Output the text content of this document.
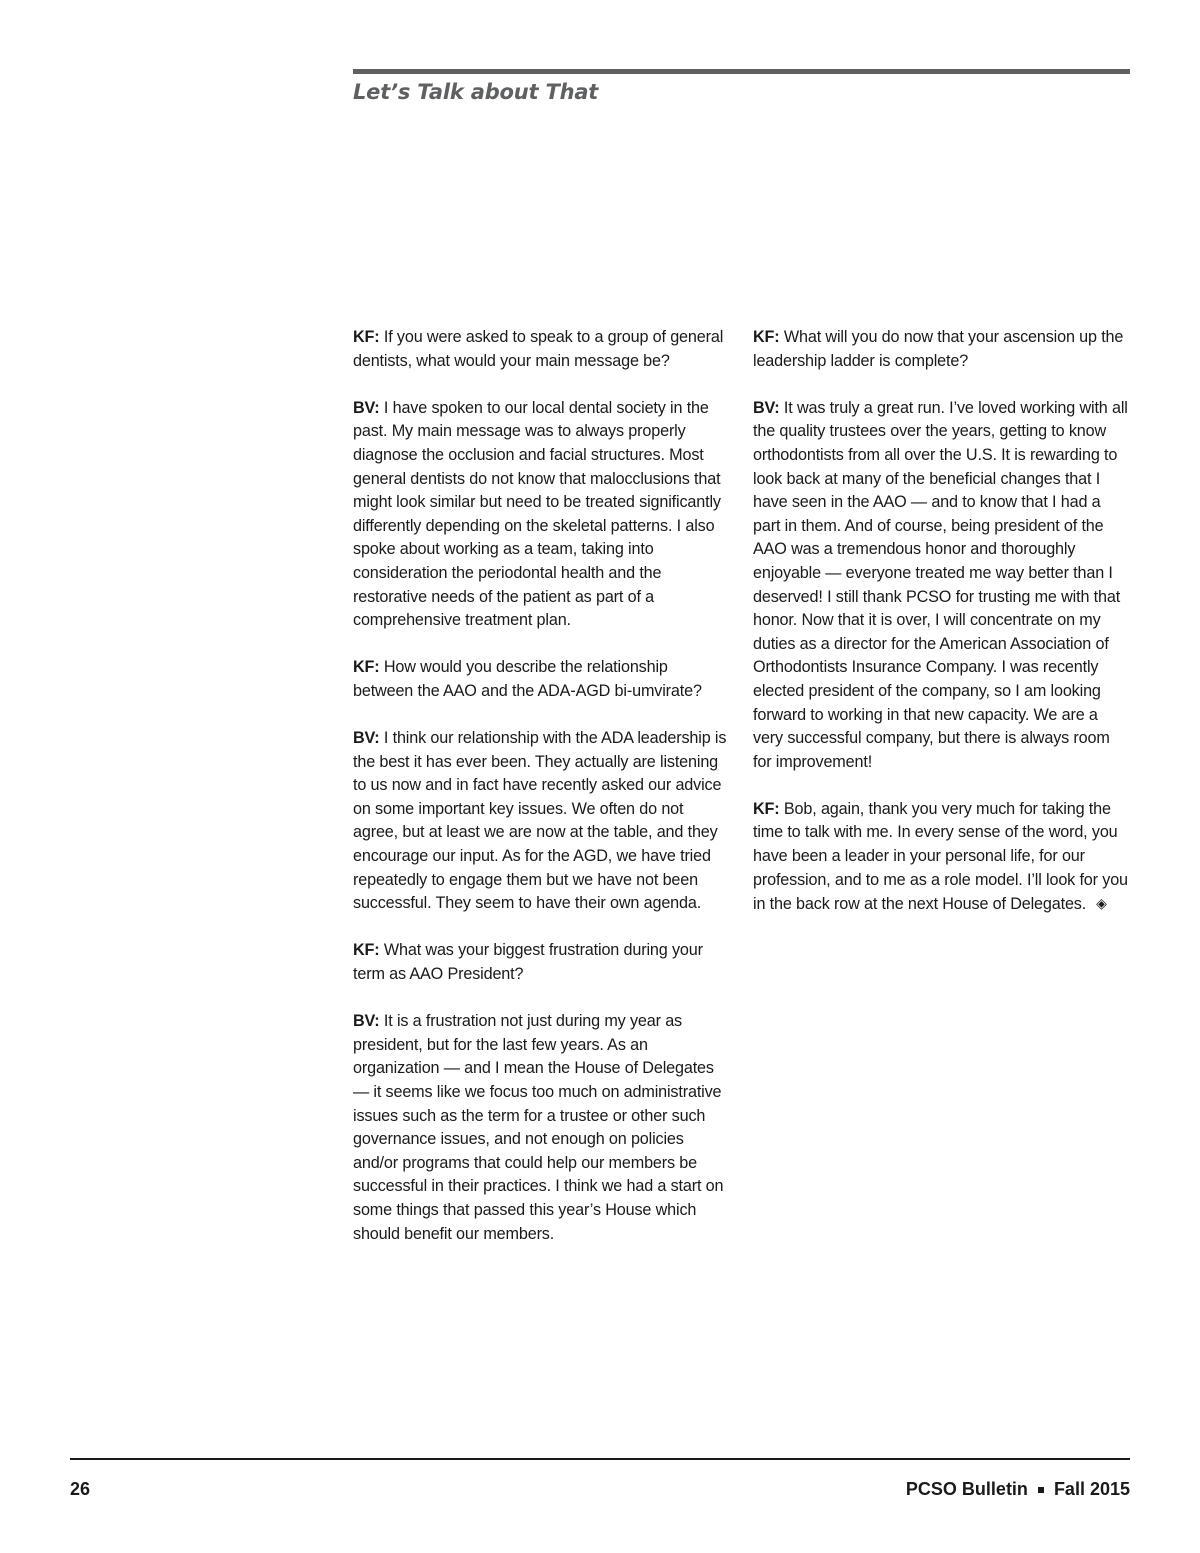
Let’s Talk about That

KF: If you were asked to speak to a group of general dentists, what would your main message be?

BV: I have spoken to our local dental society in the past. My main message was to always properly diagnose the occlusion and facial structures. Most general dentists do not know that malocclusions that might look similar but need to be treated significantly differently depending on the skeletal patterns. I also spoke about working as a team, taking into consideration the periodontal health and the restorative needs of the patient as part of a comprehensive treatment plan.

KF: How would you describe the relationship between the AAO and the ADA-AGD bi-umvirate?

BV: I think our relationship with the ADA leadership is the best it has ever been. They actually are listening to us now and in fact have recently asked our advice on some important key issues. We often do not agree, but at least we are now at the table, and they encourage our input. As for the AGD, we have tried repeatedly to engage them but we have not been successful. They seem to have their own agenda.

KF: What was your biggest frustration during your term as AAO President?

BV: It is a frustration not just during my year as president, but for the last few years. As an organization — and I mean the House of Delegates — it seems like we focus too much on administrative issues such as the term for a trustee or other such governance issues, and not enough on policies and/or programs that could help our members be successful in their practices. I think we had a start on some things that passed this year’s House which should benefit our members.

KF: What will you do now that your ascension up the leadership ladder is complete?

BV: It was truly a great run. I’ve loved working with all the quality trustees over the years, getting to know orthodontists from all over the U.S. It is rewarding to look back at many of the beneficial changes that I have seen in the AAO — and to know that I had a part in them. And of course, being president of the AAO was a tremendous honor and thoroughly enjoyable — everyone treated me way better than I deserved! I still thank PCSO for trusting me with that honor. Now that it is over, I will concentrate on my duties as a director for the American Association of Orthodontists Insurance Company. I was recently elected president of the company, so I am looking forward to working in that new capacity. We are a very successful company, but there is always room for improvement!

KF: Bob, again, thank you very much for taking the time to talk with me. In every sense of the word, you have been a leader in your personal life, for our profession, and to me as a role model. I’ll look for you in the back row at the next House of Delegates. ◈

26	PCSO Bulletin Fall 2015
